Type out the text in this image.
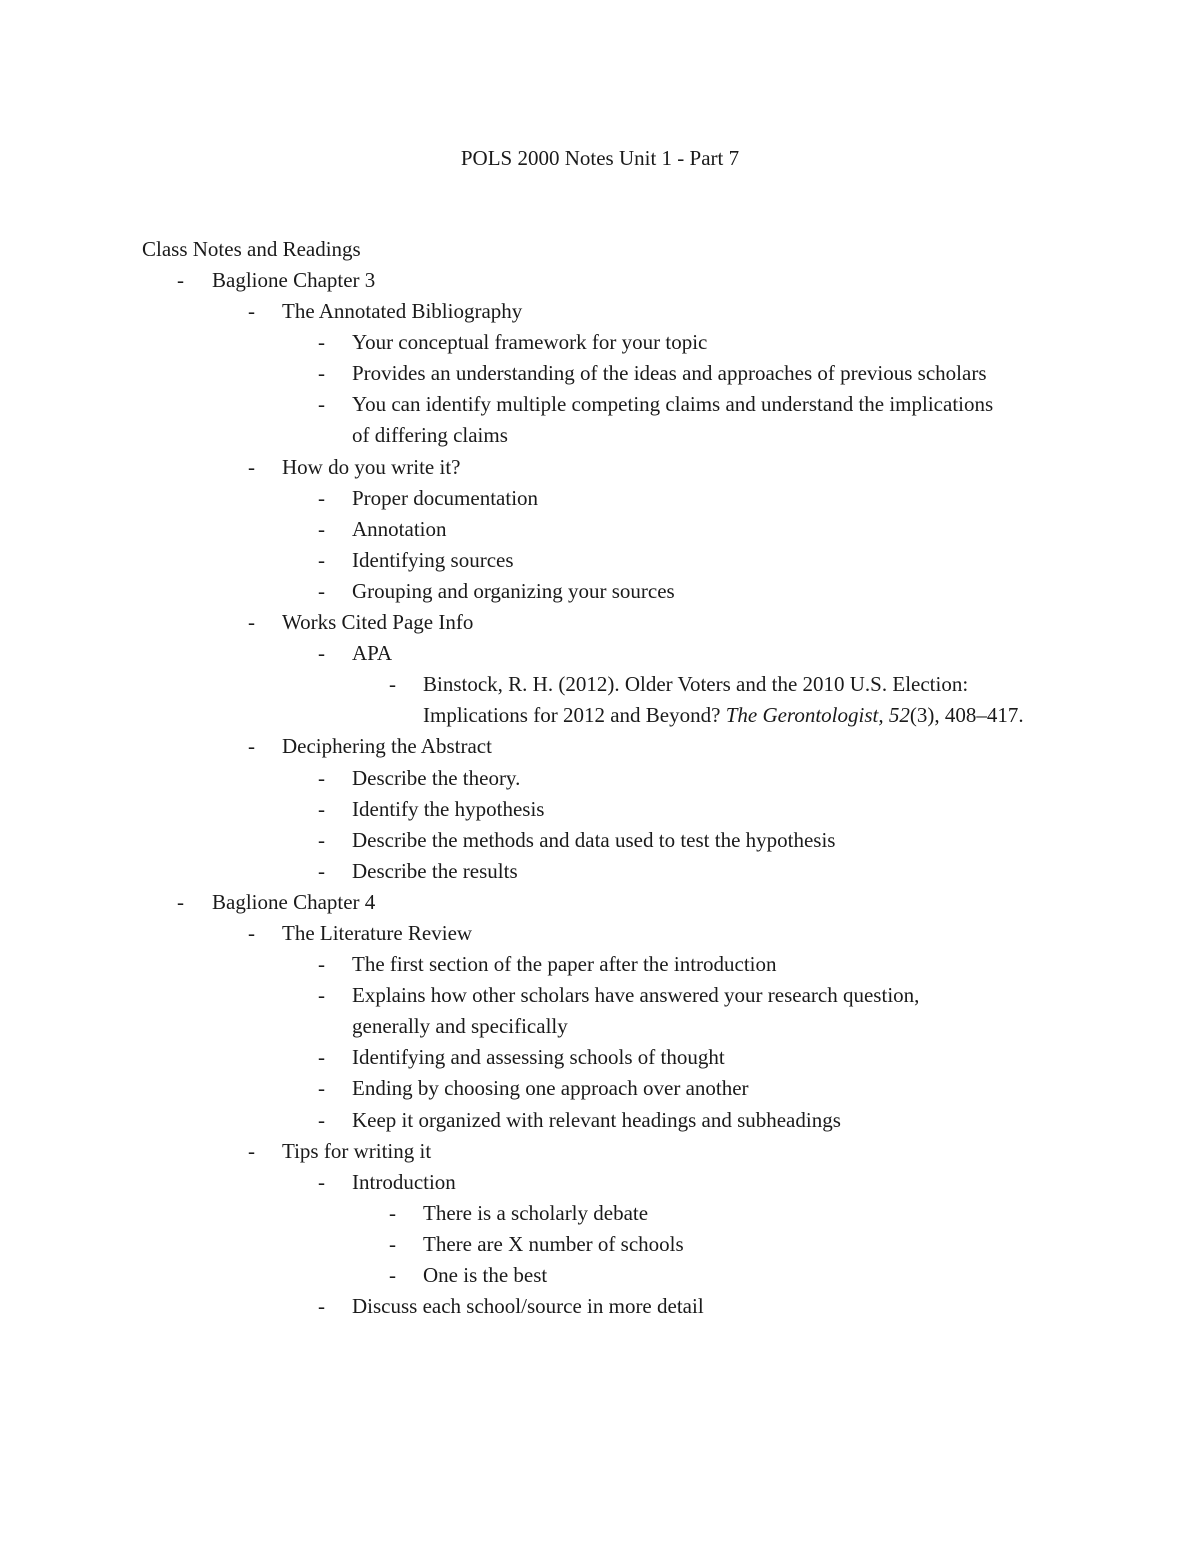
POLS 2000 Notes Unit 1 - Part 7
Class Notes and Readings
- Baglione Chapter 3
- The Annotated Bibliography
- Your conceptual framework for your topic
- Provides an understanding of the ideas and approaches of previous scholars
- You can identify multiple competing claims and understand the implications of differing claims
- How do you write it?
- Proper documentation
- Annotation
- Identifying sources
- Grouping and organizing your sources
- Works Cited Page Info
- APA
- Binstock, R. H. (2012). Older Voters and the 2010 U.S. Election: Implications for 2012 and Beyond? The Gerontologist, 52(3), 408–417.
- Deciphering the Abstract
- Describe the theory.
- Identify the hypothesis
- Describe the methods and data used to test the hypothesis
- Describe the results
- Baglione Chapter 4
- The Literature Review
- The first section of the paper after the introduction
- Explains how other scholars have answered your research question, generally and specifically
- Identifying and assessing schools of thought
- Ending by choosing one approach over another
- Keep it organized with relevant headings and subheadings
- Tips for writing it
- Introduction
- There is a scholarly debate
- There are X number of schools
- One is the best
- Discuss each school/source in more detail
